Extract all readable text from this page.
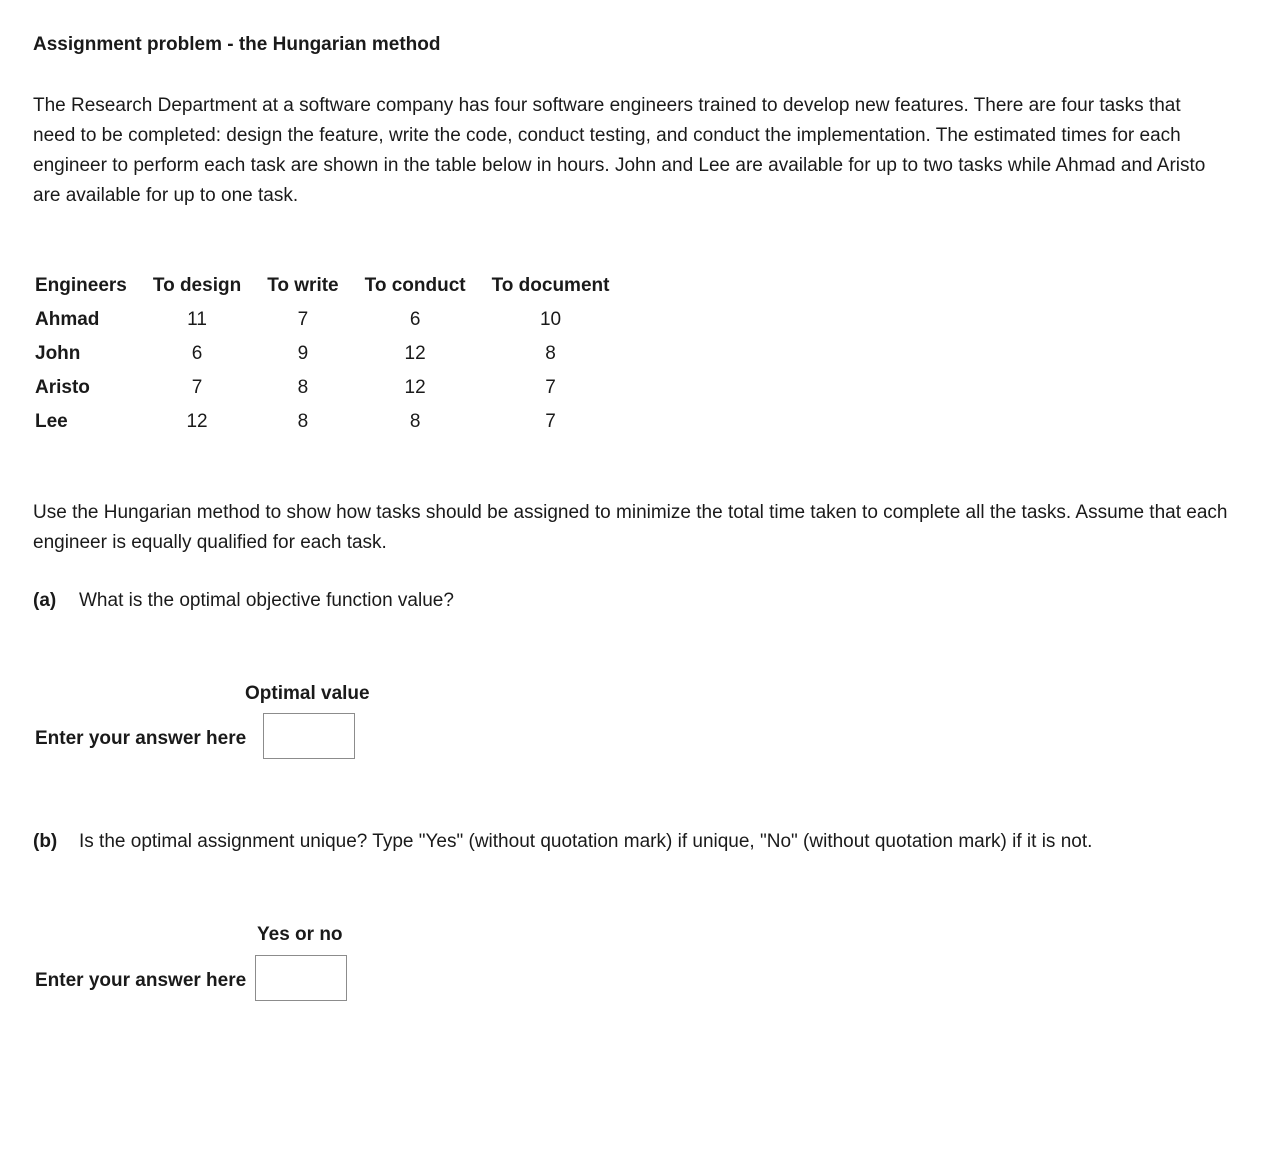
Assignment problem - the Hungarian method

The Research Department at a software company has four software engineers trained to develop new features. There are four tasks that need to be completed: design the feature, write the code, conduct testing, and conduct the implementation. The estimated times for each engineer to perform each task are shown in the table below in hours. John and Lee are available for up to two tasks while Ahmad and Aristo are available for up to one task.

Engineers	To design	To write	To conduct	To document
Ahmad	11	7	6	10
John	6	9	12	8
Aristo	7	8	12	7
Lee	12	8	8	7

Use the Hungarian method to show how tasks should be assigned to minimize the total time taken to complete all the tasks. Assume that each engineer is equally qualified for each task.

(a) What is the optimal objective function value?

Optimal value
Enter your answer here

(b) Is the optimal assignment unique? Type "Yes" (without quotation mark) if unique, "No" (without quotation mark) if it is not.

Yes or no
Enter your answer here
